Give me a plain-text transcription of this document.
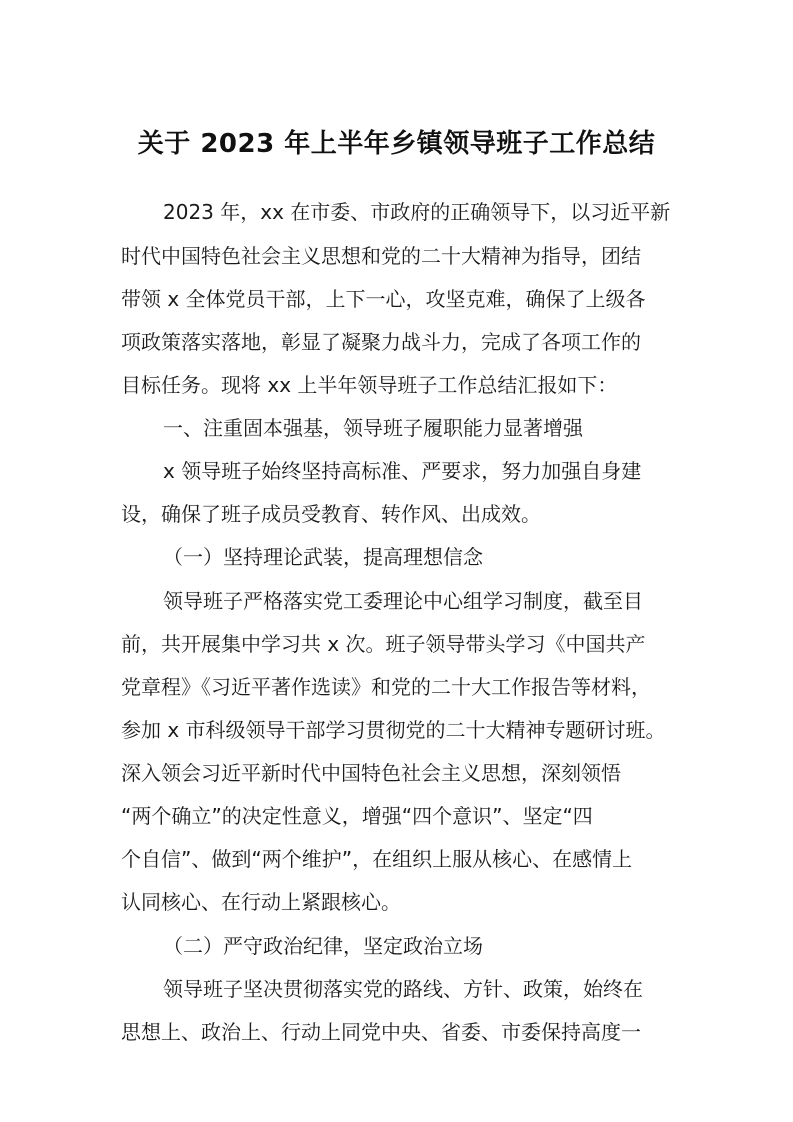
关于 2023 年上半年乡镇领导班子工作总结
2023 年，xx 在市委、市政府的正确领导下，以习近平新
时代中国特色社会主义思想和党的二十大精神为指导，团结
带领 x 全体党员干部，上下一心，攻坚克难，确保了上级各
项政策落实落地，彰显了凝聚力战斗力，完成了各项工作的
目标任务。现将 xx 上半年领导班子工作总结汇报如下：
一、注重固本强基，领导班子履职能力显著增强
x 领导班子始终坚持高标准、严要求，努力加强自身建
设，确保了班子成员受教育、转作风、出成效。
（一）坚持理论武装，提高理想信念
领导班子严格落实党工委理论中心组学习制度，截至目
前，共开展集中学习共 x 次。班子领导带头学习《中国共产
党章程》《习近平著作选读》和党的二十大工作报告等材料，
参加 x 市科级领导干部学习贯彻党的二十大精神专题研讨班。
深入领会习近平新时代中国特色社会主义思想，深刻领悟
“两个确立”的决定性意义，增强“四个意识”、坚定“四
个自信”、做到“两个维护”，在组织上服从核心、在感情上
认同核心、在行动上紧跟核心。
（二）严守政治纪律，坚定政治立场
领导班子坚决贯彻落实党的路线、方针、政策，始终在
思想上、政治上、行动上同党中央、省委、市委保持高度一
